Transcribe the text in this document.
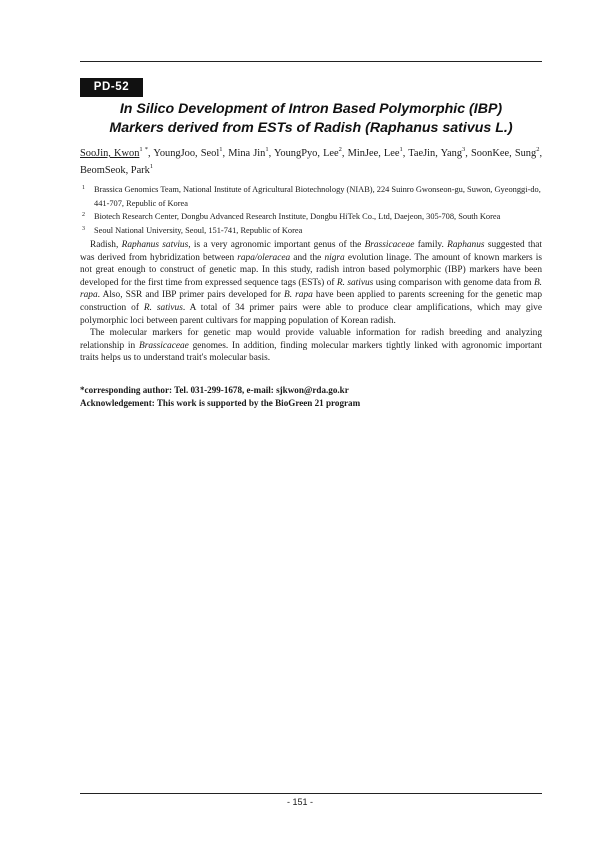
PD-52
In Silico Development of Intron Based Polymorphic (IBP)
Markers derived from ESTs of Radish (Raphanus sativus L.)

SooJin, Kwon$^{1 *}$, YoungJoo, Seol$^1$, Mina Jin$^1$, YoungPyo, Lee$^2$, MinJee, Lee$^1$, TaeJin, Yang$^3$, SoonKee, Sung$^2$, BeomSeok, Park$^1$

1 Brassica Genomics Team, National Institute of Agricultural Biotechnology (NIAB), 224 Suinro Gwonseon-gu, Suwon, Gyeonggi-do, 441-707, Republic of Korea

2 Biotech Research Center, Dongbu Advanced Research Institute, Dongbu HiTek Co., Ltd, Daejeon, 305-708, South Korea

3 Seoul National University, Seoul, 151-741, Republic of Korea

Radish, Raphanus satvius, is a very agronomic important genus of the Brassicaceae family. Raphanus suggested that was derived from hybridization between rapa/oleracea and the nigra evolution linage. The amount of known markers is not great enough to construct of genetic map. In this study, radish intron based polymorphic (IBP) markers have been developed for the first time from expressed sequence tags (ESTs) of R. sativus using comparison with genome data from B. rapa. Also, SSR and IBP primer pairs developed for B. rapa have been applied to parents screening for the genetic map construction of R. sativus. A total of 34 primer pairs were able to produce clear amplifications, which may give polymorphic loci between parent cultivars for mapping population of Korean radish.

The molecular markers for genetic map would provide valuable information for radish breeding and analyzing relationship in Brassicaceae genomes. In addition, finding molecular markers tightly linked with agronomic important traits helps us to understand trait's molecular basis.

*corresponding author: Tel. 031-299-1678, e-mail: sjkwon@rda.go.kr

Acknowledgement: This work is supported by the BioGreen 21 program

- 151 -
